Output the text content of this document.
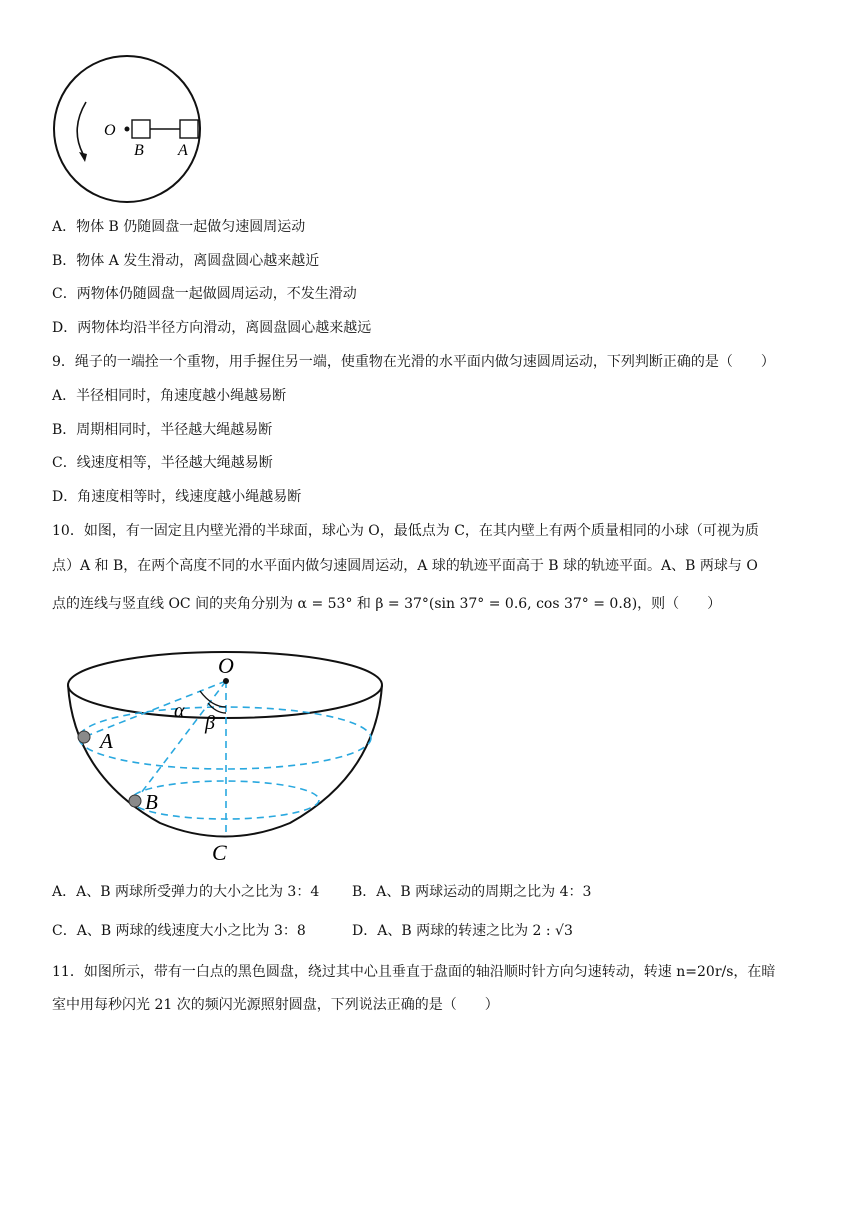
O
B A
A．物体 B 仍随圆盘一起做匀速圆周运动
B．物体 A 发生滑动，离圆盘圆心越来越近
C．两物体仍随圆盘一起做圆周运动，不发生滑动
D．两物体均沿半径方向滑动，离圆盘圆心越来越远
9．绳子的一端拴一个重物，用手握住另一端，使重物在光滑的水平面内做匀速圆周运动，下列判断正确的是（　　）
A．半径相同时，角速度越小绳越易断
B．周期相同时，半径越大绳越易断
C．线速度相等，半径越大绳越易断
D．角速度相等时，线速度越小绳越易断
10．如图，有一固定且内壁光滑的半球面，球心为 O，最低点为 C，在其内壁上有两个质量相同的小球（可视为质
点）A 和 B，在两个高度不同的水平面内做匀速圆周运动，A 球的轨迹平面高于 B 球的轨迹平面。A、B 两球与 O
点的连线与竖直线 OC 间的夹角分别为 α = 53° 和 β = 37°(sin 37° = 0.6, cos 37° = 0.8)，则（　　）
O
α
β
A
B
C
A．A、B 两球所受弹力的大小之比为 3：4 B．A、B 两球运动的周期之比为 4：3
C．A、B 两球的线速度大小之比为 3：8	D．A、B 两球的转速之比为 2 : √3
11．如图所示，带有一白点的黑色圆盘，绕过其中心且垂直于盘面的轴沿顺时针方向匀速转动，转速 n=20r/s，在暗
室中用每秒闪光 21 次的频闪光源照射圆盘，下列说法正确的是（　　）
